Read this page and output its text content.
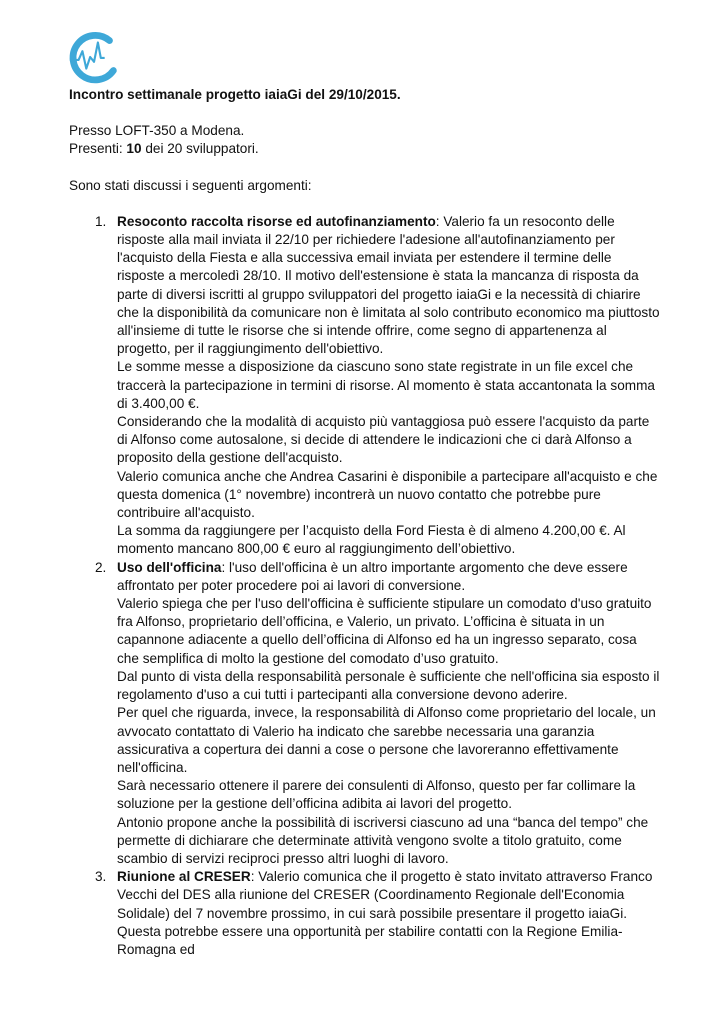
iaiaGi logo

Incontro settimanale progetto iaiaGi del 29/10/2015.

Presso LOFT-350 a Modena.

Presenti: 10 dei 20 sviluppatori.

Sono stati discussi i seguenti argomenti:

1. Resoconto raccolta risorse ed autofinanziamento: Valerio fa un resoconto delle risposte alla mail inviata il 22/10 per richiedere l'adesione all'autofinanziamento per l'acquisto della Fiesta e alla successiva email inviata per estendere il termine delle risposte a mercoledì 28/10. Il motivo dell'estensione è stata la mancanza di risposta da parte di diversi iscritti al gruppo sviluppatori del progetto iaiaGi e la necessità di chiarire che la disponibilità da comunicare non è limitata al solo contributo economico ma piuttosto all'insieme di tutte le risorse che si intende offrire, come segno di appartenenza al progetto, per il raggiungimento dell'obiettivo.

Le somme messe a disposizione da ciascuno sono state registrate in un file excel che traccerà la partecipazione in termini di risorse. Al momento è stata accantonata la somma di 3.400,00 €.

Considerando che la modalità di acquisto più vantaggiosa può essere l'acquisto da parte di Alfonso come autosalone, si decide di attendere le indicazioni che ci darà Alfonso a proposito della gestione dell'acquisto.

Valerio comunica anche che Andrea Casarini è disponibile a partecipare all'acquisto e che questa domenica (1° novembre) incontrerà un nuovo contatto che potrebbe pure contribuire all'acquisto.

La somma da raggiungere per l’acquisto della Ford Fiesta è di almeno 4.200,00 €. Al momento mancano 800,00 € euro al raggiungimento dell’obiettivo.

2. Uso dell'officina: l'uso dell'officina è un altro importante argomento che deve essere affrontato per poter procedere poi ai lavori di conversione.

Valerio spiega che per l'uso dell'officina è sufficiente stipulare un comodato d'uso gratuito fra Alfonso, proprietario dell’officina, e Valerio, un privato. L’officina è situata in un capannone adiacente a quello dell’officina di Alfonso ed ha un ingresso separato, cosa che semplifica di molto la gestione del comodato d’uso gratuito.

Dal punto di vista della responsabilità personale è sufficiente che nell'officina sia esposto il regolamento d'uso a cui tutti i partecipanti alla conversione devono aderire.

Per quel che riguarda, invece, la responsabilità di Alfonso come proprietario del locale, un avvocato contattato di Valerio ha indicato che sarebbe necessaria una garanzia assicurativa a copertura dei danni a cose o persone che lavoreranno effettivamente nell'officina.

Sarà necessario ottenere il parere dei consulenti di Alfonso, questo per far collimare la soluzione per la gestione dell’officina adibita ai lavori del progetto.

Antonio propone anche la possibilità di iscriversi ciascuno ad una “banca del tempo” che permette di dichiarare che determinate attività vengono svolte a titolo gratuito, come scambio di servizi reciproci presso altri luoghi di lavoro.

3. Riunione al CRESER: Valerio comunica che il progetto è stato invitato attraverso Franco Vecchi del DES alla riunione del CRESER (Coordinamento Regionale dell'Economia Solidale) del 7 novembre prossimo, in cui sarà possibile presentare il progetto iaiaGi. Questa potrebbe essere una opportunità per stabilire contatti con la Regione Emilia-Romagna ed
